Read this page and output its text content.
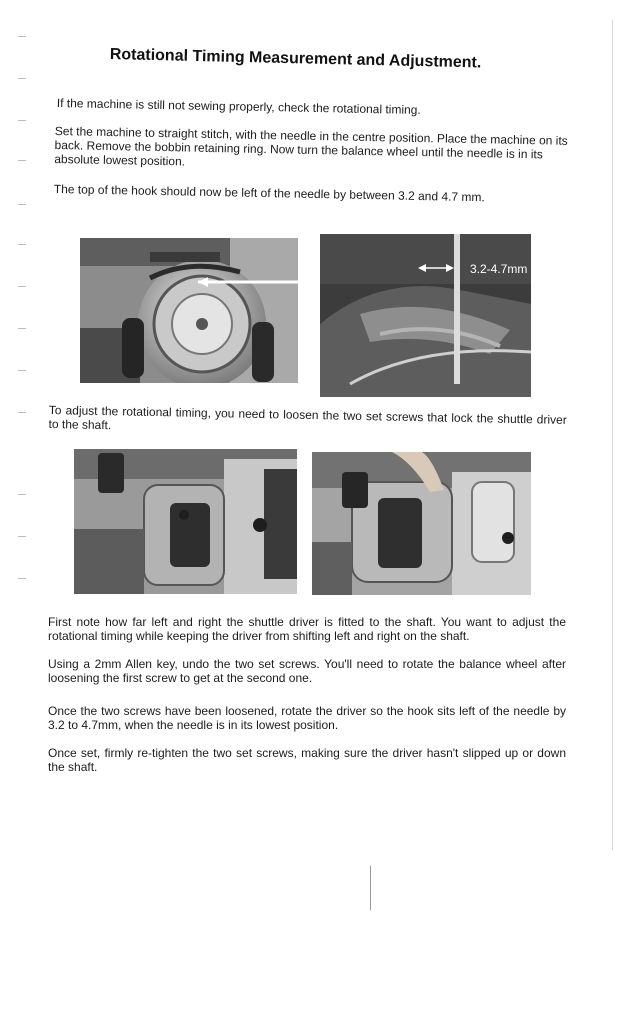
Rotational Timing Measurement and Adjustment.
If the machine is still not sewing properly, check the rotational timing.
Set the machine to straight stitch, with the needle in the centre position. Place the machine on its back. Remove the bobbin retaining ring. Now turn the balance wheel until the needle is in its absolute lowest position.
The top of the hook should now be left of the needle by between 3.2 and 4.7 mm.
3.2-4.7mm
To adjust the rotational timing, you need to loosen the two set screws that lock the shuttle driver to the shaft.
First note how far left and right the shuttle driver is fitted to the shaft. You want to adjust the rotational timing while keeping the driver from shifting left and right on the shaft.
Using a 2mm Allen key, undo the two set screws. You'll need to rotate the balance wheel after loosening the first screw to get at the second one.
Once the two screws have been loosened, rotate the driver so the hook sits left of the needle by 3.2 to 4.7mm, when the needle is in its lowest position.
Once set, firmly re-tighten the two set screws, making sure the driver hasn't slipped up or down the shaft.
